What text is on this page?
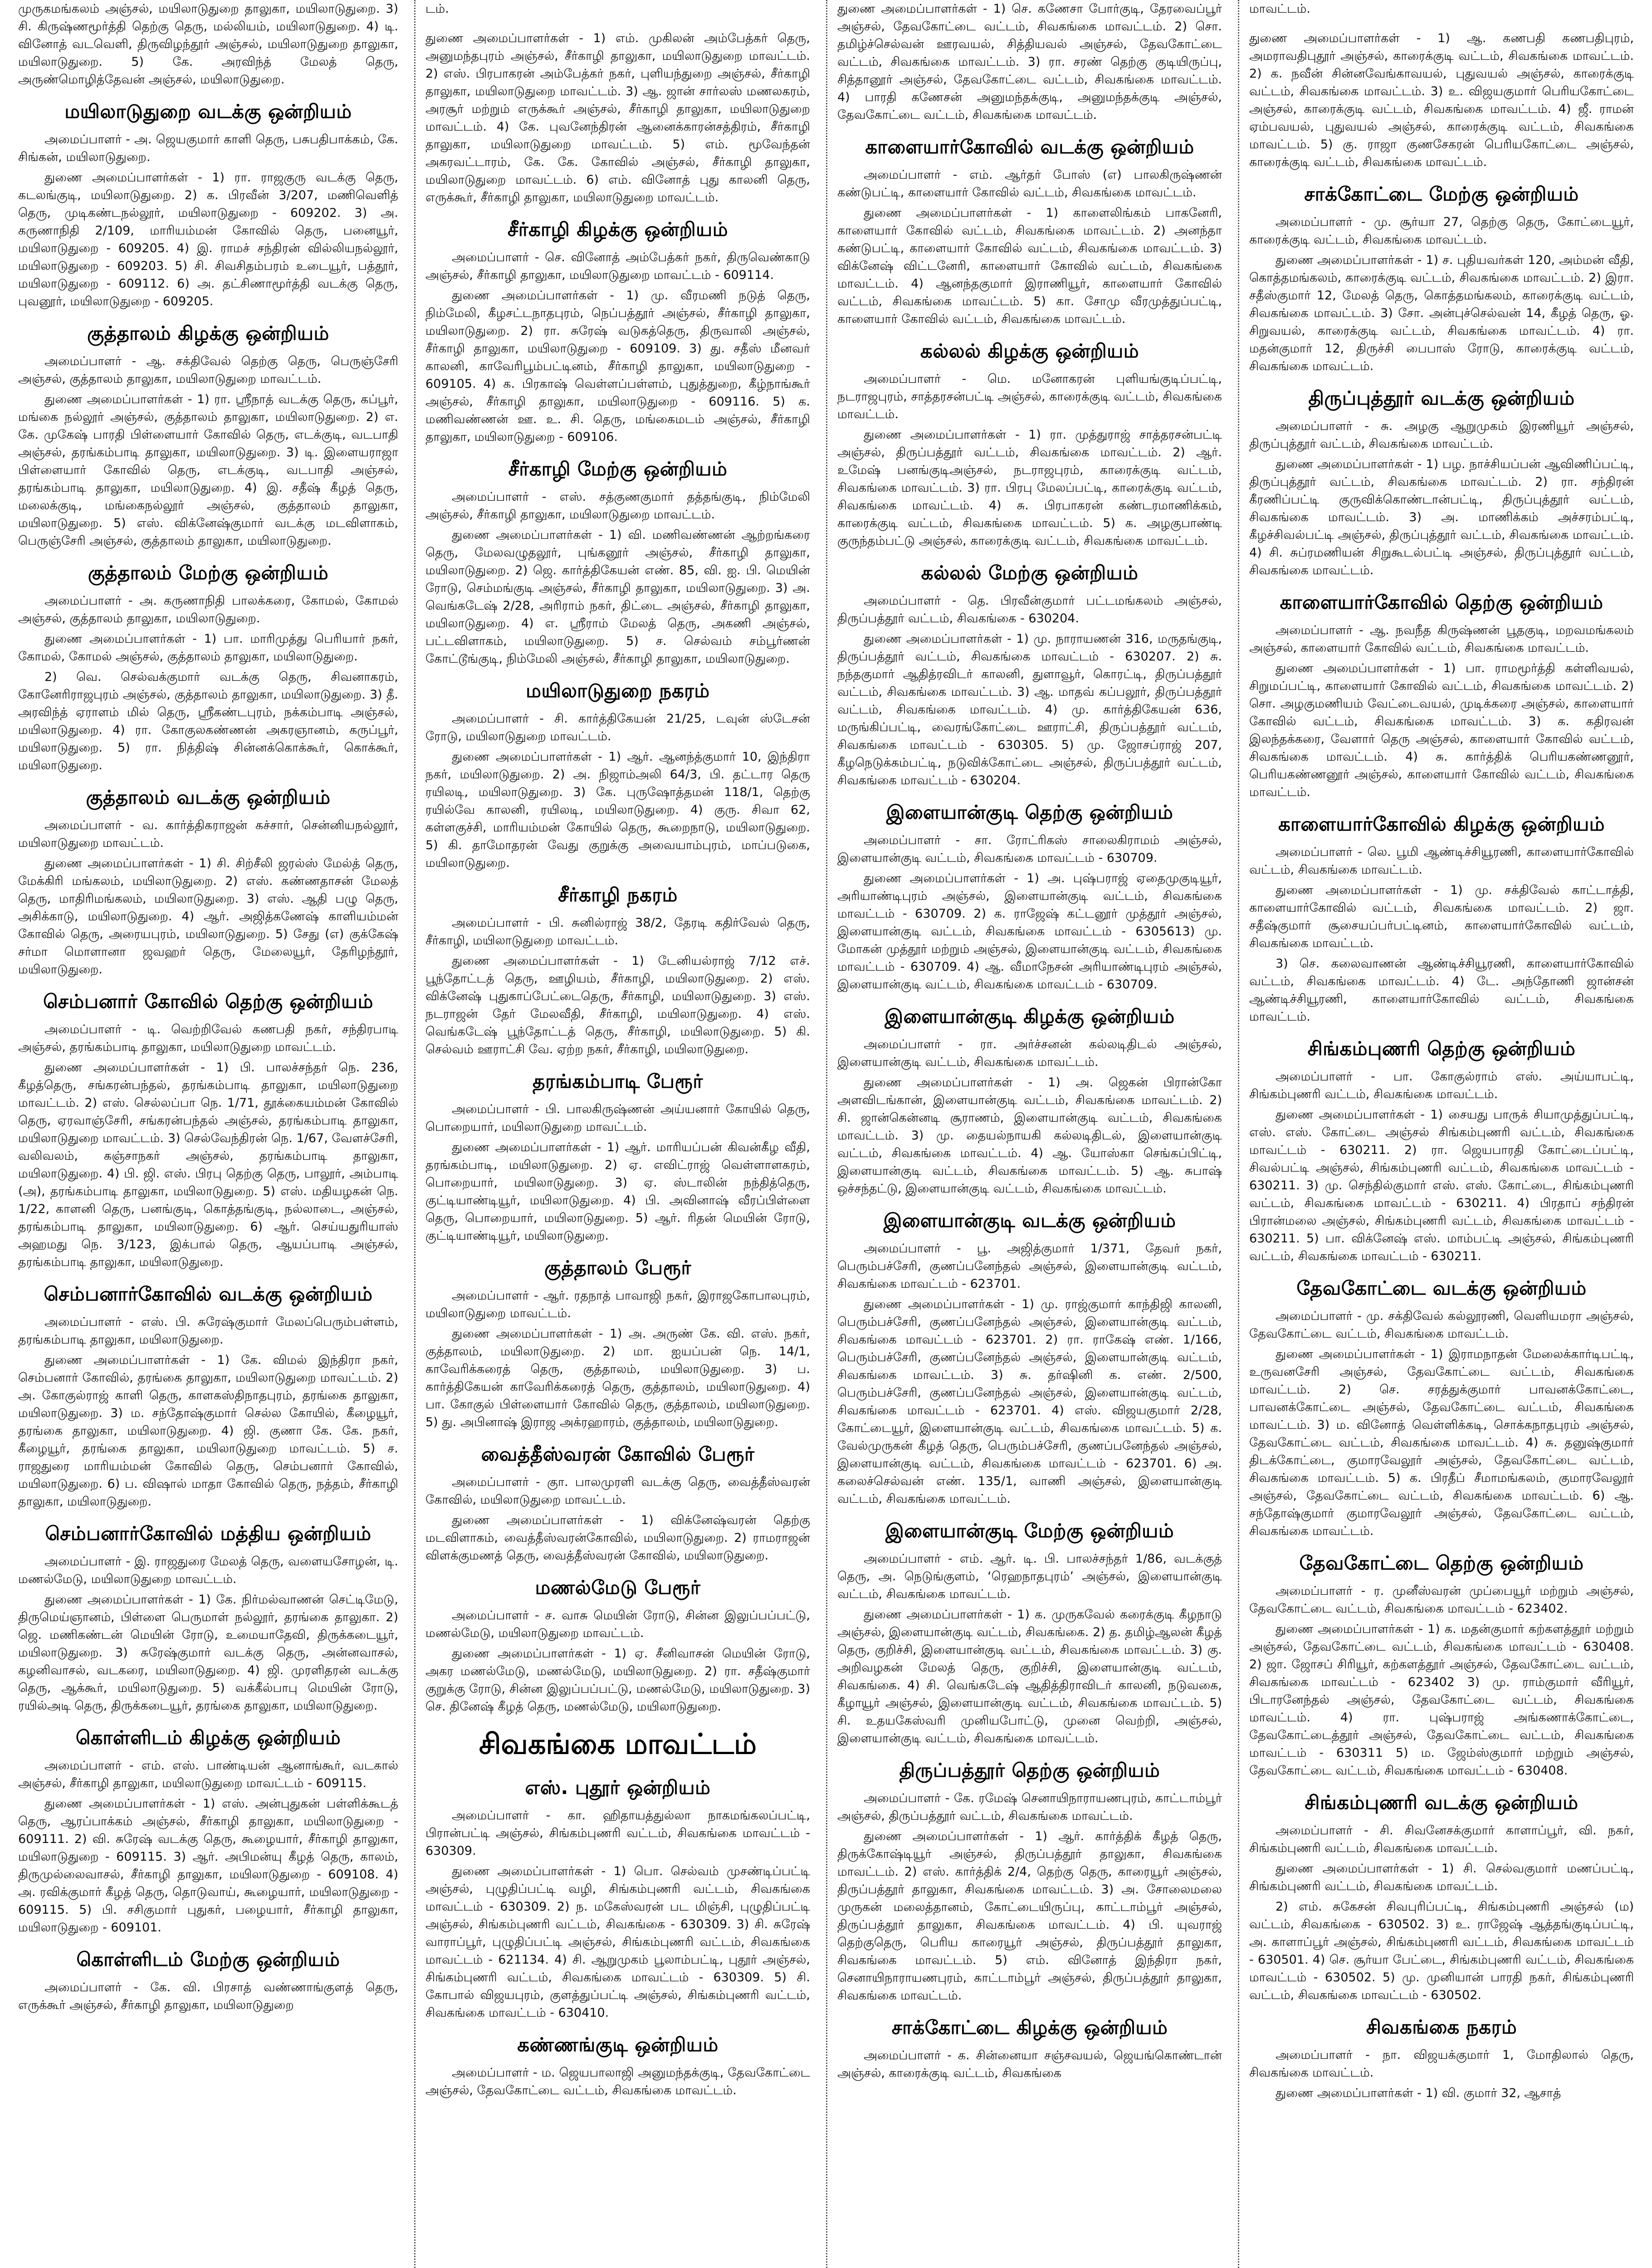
முருகமங்கலம் அஞ்சல், மயிலாடுதுறை தாலுகா, மயிலாடுதுறை. 3) சி. கிருஷ்ணமூர்த்தி தெற்கு தெரு, மல்லியம், மயிலாடுதுறை. 4) டி. வினோத் வடவெளி, திருவிழந்தூர் அஞ்சல், மயிலாடுதுறை தாலுகா, மயிலாடுதுறை. 5) கே. அரவிந்த் மேலத் தெரு, அருண்மொழித்தேவன் அஞ்சல், மயிலாடுதுறை.

மயிலாடுதுறை வடக்கு ஒன்றியம்

அமைப்பாளர் - அ. ஜெயகுமார் காளி தெரு, பசுபதிபாக்கம், கே. சிங்கன், மயிலாடுதுறை.

துணை அமைப்பாளர்கள் - 1) ரா. ராஜகுரு வடக்கு தெரு, கடலங்குடி, மயிலாடுதுறை. 2) க. பிரவீன் 3/207, மணிவெளித் தெரு, முடிகண்டநல்லூர், மயிலாடுதுறை - 609202. 3) அ. கருணாநிதி 2/109, மாரியம்மன் கோவில் தெரு, பனையூர், மயிலாடுதுறை - 609205. 4) இ. ராமச் சந்திரன் வில்லியநல்லூர், மயிலாடுதுறை - 609203. 5) சி. சிவசிதம்பரம் உடையூர், பத்தூர், மயிலாடுதுறை - 609112. 6) அ. தட்சிணாமூர்த்தி வடக்கு தெரு, புவனூர், மயிலாடுதுறை - 609205.

குத்தாலம் கிழக்கு ஒன்றியம்

அமைப்பாளர் - ஆ. சக்திவேல் தெற்கு தெரு, பெருஞ்சேரி அஞ்சல், குத்தாலம் தாலுகா, மயிலாடுதுறை மாவட்டம்.

துணை அமைப்பாளர்கள் - 1) ரா. ஸ்ரீநாத் வடக்கு தெரு, கப்பூர், மங்கை நல்லூர் அஞ்சல், குத்தாலம் தாலுகா, மயிலாடுதுறை. 2) எ. கே. முகேஷ் பாரதி பிள்ளையார் கோவில் தெரு, எடக்குடி, வடபாதி அஞ்சல், தரங்கம்பாடி தாலுகா, மயிலாடுதுறை. 3) டி. இளையராஜா பிள்ளையார் கோவில் தெரு, எடக்குடி, வடபாதி அஞ்சல், தரங்கம்பாடி தாலுகா, மயிலாடுதுறை. 4) இ. சதீஷ் கீழத் தெரு, மலைக்குடி, மங்கைநல்லூர் அஞ்சல், குத்தாலம் தாலுகா, மயிலாடுதுறை. 5) எஸ். விக்னேஷ்குமார் வடக்கு மடவிளாகம், பெருஞ்சேரி அஞ்சல், குத்தாலம் தாலுகா, மயிலாடுதுறை.

குத்தாலம் மேற்கு ஒன்றியம்

அமைப்பாளர் - அ. கருணாநிதி பாலக்கரை, கோமல், கோமல் அஞ்சல், குத்தாலம் தாலுகா, மயிலாடுதுறை.

துணை அமைப்பாளர்கள் - 1) பா. மாரிமுத்து பெரியார் நகர், கோமல், கோமல் அஞ்சல், குத்தாலம் தாலுகா, மயிலாடுதுறை.

2) வெ. செல்வக்குமார் வடக்கு தெரு, சிவனாகரம், கோனேரிராஜபுரம் அஞ்சல், குத்தாலம் தாலுகா, மயிலாடுதுறை. 3) தீ. அரவிந்த் ஏராளம் மில் தெரு, ஸ்ரீகண்டபுரம், நக்கம்பாடி அஞ்சல், மயிலாடுதுறை. 4) ரா. கோகுலகண்ணன் அகரஞானம், கருப்பூர், மயிலாடுதுறை. 5) ரா. நித்திஷ் சின்னக்கொக்கூர், கொக்கூர், மயிலாடுதுறை.

குத்தாலம் வடக்கு ஒன்றியம்

அமைப்பாளர் - வ. கார்த்திகராஜன் கச்சார், சென்னியநல்லூர், மயிலாடுதுறை மாவட்டம்.

துணை அமைப்பாளர்கள் - 1) சி. சிற்சீலி ஜரல்ஸ் மேல்த் தெரு, மேக்கிரி மங்கலம், மயிலாடுதுறை. 2) எஸ். கண்ணதாசன் மேலத் தெரு, மாதிரிமங்கலம், மயிலாடுதுறை. 3) எஸ். ஆதி பழு தெரு, அசிக்காடு, மயிலாடுதுறை. 4) ஆர். அஜித்கணேஷ் காளியம்மன் கோவில் தெரு, அரையபுரம், மயிலாடுதுறை. 5) சேது (எ) குக்கேஷ் சர்மா மொளானா ஜவஹர் தெரு, மேலையூர், தேரிழந்தூர், மயிலாடுதுறை.

செம்பனார் கோவில் தெற்கு ஒன்றியம்

அமைப்பாளர் - டி. வெற்றிவேல் கணபதி நகர், சந்திரபாடி அஞ்சல், தரங்கம்பாடி தாலுகா, மயிலாடுதுறை மாவட்டம்.

துணை அமைப்பாளர்கள் - 1) பி. பாலச்சந்தர் நெ. 236, கீழத்தெரு, சங்கரன்பந்தல், தரங்கம்பாடி தாலுகா, மயிலாடுதுறை மாவட்டம். 2) எஸ். செல்லப்பா நெ. 1/71, தூக்கையம்மன் கோவில் தெரு, ஏரவாஞ்சேரி, சங்கரன்பந்தல் அஞ்சல், தரங்கம்பாடி தாலுகா, மயிலாடுதுறை மாவட்டம். 3) செல்வேந்திரன் நெ. 1/67, வேளச்சேரி, வலிவலம், கஞ்சாநகர் அஞ்சல், தரங்கம்பாடி தாலுகா, மயிலாடுதுறை. 4) பி. ஜி. எஸ். பிரபு தெற்கு தெரு, பாலூர், அம்பாடி (அ), தரங்கம்பாடி தாலுகா, மயிலாடுதுறை. 5) எஸ். மதியழகன் நெ. 1/22, காளனி தெரு, பனங்குடி, கொத்தங்குடி, நல்லாடை, அஞ்சல், தரங்கம்பாடி தாலுகா, மயிலாடுதுறை. 6) ஆர். செய்யதுரியாஸ் அஹமது நெ. 3/123, இக்பால் தெரு, ஆயப்பாடி அஞ்சல், தரங்கம்பாடி தாலுகா, மயிலாடுதுறை.

செம்பனார்கோவில் வடக்கு ஒன்றியம்

அமைப்பாளர் - எஸ். பி. சுரேஷ்குமார் மேலப்பெரும்பள்ளம், தரங்கம்பாடி தாலுகா, மயிலாடுதுறை.

துணை அமைப்பாளர்கள் - 1) கே. விமல் இந்திரா நகர், செம்பனார் கோவில், தரங்கை தாலுகா, மயிலாடுதுறை மாவட்டம். 2) அ. கோகுல்ராஜ் காளி தெரு, காளகஸ்திநாதபுரம், தரங்கை தாலுகா, மயிலாடுதுறை. 3) ம. சந்தோஷ்குமார் செல்ல கோயில், கீழையூர், தரங்கை தாலுகா, மயிலாடுதுறை. 4) ஜி. குணா கே. கே. நகர், கீழையூர், தரங்கை தாலுகா, மயிலாடுதுறை மாவட்டம். 5) ச. ராஜதுரை மாரியம்மன் கோவில் தெரு, செம்பனார் கோவில், மயிலாடுதுறை. 6) ப. விஷால் மாதா கோவில் தெரு, நத்தம், சீர்காழி தாலுகா, மயிலாடுதுறை.

செம்பனார்கோவில் மத்திய ஒன்றியம்

அமைப்பாளர் - இ. ராஜதுரை மேலத் தெரு, வளையசோழன், டி. மணல்மேடு, மயிலாடுதுறை மாவட்டம்.

துணை அமைப்பாளர்கள் - 1) கே. நிர்மல்வாணன் செட்டிமேடு, திருமெய்ஞானம், பிள்ளை பெருமாள் நல்லூர், தரங்கை தாலுகா. 2) ஜெ. மணிகண்டன் மெயின் ரோடு, உமையாதேவி, திருக்கடையூர், மயிலாடுதுறை. 3) சுரேஷ்குமார் வடக்கு தெரு, அன்னவாசல், கழனிவாசல், வடகரை, மயிலாடுதுறை. 4) ஜி. முரளிதரன் வடக்கு தெரு, ஆக்கூர், மயிலாடுதுறை. 5) வக்கீல்பாபு மெயின் ரோடு, ரயில்அடி தெரு, திருக்கடையூர், தரங்கை தாலுகா, மயிலாடுதுறை.

கொள்ளிடம் கிழக்கு ஒன்றியம்

அமைப்பாளர் - எம். எஸ். பாண்டியன் ஆனாங்கூர், வடகால் அஞ்சல், சீர்காழி தாலுகா, மயிலாடுதுறை மாவட்டம் - 609115.

துணை அமைப்பாளர்கள் - 1) எஸ். அன்புதுகன் பள்ளிக்கூடத் தெரு, ஆரப்பாக்கம் அஞ்சல், சீர்காழி தாலுகா, மயிலாடுதுறை - 609111. 2) வி. சுரேஷ் வடக்கு தெரு, கூழையார், சீர்காழி தாலுகா, மயிலாடுதுறை - 609115. 3) ஆர். அபிமன்யு கீழத் தெரு, காலம், திருமுல்லைவாசல், சீர்காழி தாலுகா, மயிலாடுதுறை - 609108. 4) அ. ரவிக்குமார் கீழத் தெரு, தொடுவாய், கூழையார், மயிலாடுதுறை - 609115. 5) பி. சசிகுமார் புதுகர், பழையார், சீர்காழி தாலுகா, மயிலாடுதுறை - 609101.

கொள்ளிடம் மேற்கு ஒன்றியம்

அமைப்பாளர் - கே. வி. பிரசாத் வண்ணாங்குளத் தெரு, எருக்கூர் அஞ்சல், சீர்காழி தாலுகா, மயிலாடுதுறை

டம்.

துணை அமைப்பாளர்கள் - 1) எம். முகிலன் அம்பேத்கர் தெரு, அனுமந்தபுரம் அஞ்சல், சீர்காழி தாலுகா, மயிலாடுதுறை மாவட்டம். 2) எஸ். பிரபாகரன் அம்பேத்கர் நகர், புளியந்துறை அஞ்சல், சீர்காழி தாலுகா, மயிலாடுதுறை மாவட்டம். 3) ஆ. ஜான் சார்லஸ் மணலகரம், அரசூர் மற்றும் எருக்கூர் அஞ்சல், சீர்காழி தாலுகா, மயிலாடுதுறை மாவட்டம். 4) கே. புவனேந்திரன் ஆனைக்காரன்சத்திரம், சீர்காழி தாலுகா, மயிலாடுதுறை மாவட்டம். 5) எம். மூவேந்தன் அகரவட்டாரம், கே. கே. கோவில் அஞ்சல், சீர்காழி தாலுகா, மயிலாடுதுறை மாவட்டம். 6) எம். வினோத் புது காலனி தெரு, எருக்கூர், சீர்காழி தாலுகா, மயிலாடுதுறை மாவட்டம்.

சீர்காழி கிழக்கு ஒன்றியம்

அமைப்பாளர் - செ. வினோத் அம்பேத்கர் நகர், திருவெண்காடு அஞ்சல், சீர்காழி தாலுகா, மயிலாடுதுறை மாவட்டம் - 609114.

துணை அமைப்பாளர்கள் - 1) மு. வீரமணி நடுத் தெரு, நிம்மேலி, கீழசட்டநாதபுரம், நெப்பத்தூர் அஞ்சல், சீர்காழி தாலுகா, மயிலாடுதுறை. 2) ரா. சுரேஷ் வடுகத்தெரு, திருவாலி அஞ்சல், சீர்காழி தாலுகா, மயிலாடுதுறை - 609109. 3) து. சதீஸ் மீனவர் காலனி, காவேரிபூம்பட்டினம், சீர்காழி தாலுகா, மயிலாடுதுறை - 609105. 4) க. பிரகாஷ் வெள்ளப்பள்ளம், புதுத்துறை, கீழ்நாங்கூர் அஞ்சல், சீர்காழி தாலுகா, மயிலாடுதுறை - 609116. 5) க. மணிவண்ணன் ஊ. உ. சி. தெரு, மங்கைமடம் அஞ்சல், சீர்காழி தாலுகா, மயிலாடுதுறை - 609106.

சீர்காழி மேற்கு ஒன்றியம்

அமைப்பாளர் - எஸ். சத்குணகுமார் தத்தங்குடி, நிம்மேலி அஞ்சல், சீர்காழி தாலுகா, மயிலாடுதுறை மாவட்டம்.

துணை அமைப்பாளர்கள் - 1) வி. மணிவண்ணன் ஆற்றங்கரை தெரு, மேலவழுதலூர், புங்கனூர் அஞ்சல், சீர்காழி தாலுகா, மயிலாடுதுறை. 2) ஜெ. கார்த்திகேயன் எண். 85, வி. ஐ. பி. மெயின் ரோடு, செம்மங்குடி அஞ்சல், சீர்காழி தாலுகா, மயிலாடுதுறை. 3) அ. வெங்கடேஷ் 2/28, அரிராம் நகர், திட்டை அஞ்சல், சீர்காழி தாலுகா, மயிலாடுதுறை. 4) எ. ஸ்ரீராம் மேலத் தெரு, அகணி அஞ்சல், பட்டவிளாகம், மயிலாடுதுறை. 5) ச. செல்வம் சம்பூர்ணன் கோட்டூங்குடி, நிம்மேலி அஞ்சல், சீர்காழி தாலுகா, மயிலாடுதுறை.

மயிலாடுதுறை நகரம்

அமைப்பாளர் - சி. கார்த்திகேயன் 21/25, டவுன் ஸ்டேசன் ரோடு, மயிலாடுதுறை மாவட்டம்.

துணை அமைப்பாளர்கள் - 1) ஆர். ஆனந்த்குமார் 10, இந்திரா நகர், மயிலாடுதுறை. 2) அ. நிஜாம்அலி 64/3, பி. தட்டார தெரு ரயிலடி, மயிலாடுதுறை. 3) கே. புருஷோத்தமன் 118/1, தெற்கு ரயில்வே காலனி, ரயிலடி, மயிலாடுதுறை. 4) குரு. சிவா 62, கள்ளகுச்சி, மாரியம்மன் கோயில் தெரு, கூறைநாடு, மயிலாடுதுறை. 5) கி. தாமோதரன் வேது குறுக்கு அவையாம்புரம், மாப்படுகை, மயிலாடுதுறை.

சீர்காழி நகரம்

அமைப்பாளர் - பி. சுனில்ராஜ் 38/2, தேரடி கதிர்வேல் தெரு, சீர்காழி, மயிலாடுதுறை மாவட்டம்.

துணை அமைப்பாளர்கள் - 1) டேனியல்ராஜ் 7/12 எச். பூந்தோட்டத் தெரு, ஊழியம், சீர்காழி, மயிலாடுதுறை. 2) எஸ். விக்னேஷ் புதுகாப்பேட்டைதெரு, சீர்காழி, மயிலாடுதுறை. 3) எஸ். நடராஜன் தேர் மேலவீதி, சீர்காழி, மயிலாடுதுறை. 4) எஸ். வெங்கடேஷ் பூந்தோட்டத் தெரு, சீர்காழி, மயிலாடுதுறை. 5) கி. செல்வம் ஊராட்சி வே. ஏற்ற நகர், சீர்காழி, மயிலாடுதுறை.

தரங்கம்பாடி பேரூர்

அமைப்பாளர் - பி. பாலகிருஷ்ணன் அய்யனார் கோயில் தெரு, பொறையார், மயிலாடுதுறை மாவட்டம்.

துணை அமைப்பாளர்கள் - 1) ஆர். மாரியப்பன் கிவன்கீழ வீதி, தரங்கம்பாடி, மயிலாடுதுறை. 2) ஏ. எவிட்ராஜ் வெள்ளாளகரம், பொறையார், மயிலாடுதுறை. 3) ஏ. ஸ்டாலின் நந்தித்தெரு, குட்டியாண்டியூர், மயிலாடுதுறை. 4) பி. அவினாஷ் வீரப்பிள்ளை தெரு, பொறையார், மயிலாடுதுறை. 5) ஆர். ரிதன் மெயின் ரோடு, குட்டியாண்டியூர், மயிலாடுதுறை.

குத்தாலம் பேரூர்

அமைப்பாளர் - ஆர். ரதநாத் பாவாஜி நகர், இராஜகோபாலபுரம், மயிலாடுதுறை மாவட்டம்.

துணை அமைப்பாளர்கள் - 1) அ. அருண் கே. வி. எஸ். நகர், குத்தாலம், மயிலாடுதுறை. 2) மா. ஐயப்பன் நெ. 14/1, காவேரிக்கரைத் தெரு, குத்தாலம், மயிலாடுதுறை. 3) ப. கார்த்திகேயன் காவேரிக்கரைத் தெரு, குத்தாலம், மயிலாடுதுறை. 4) பா. கோகுல் பிள்ளையார் கோவில் தெரு, குத்தாலம், மயிலாடுதுறை. 5) து. அபினாஷ் இராஜ அக்ரஹாரம், குத்தாலம், மயிலாடுதுறை.

வைத்தீஸ்வரன் கோவில் பேரூர்

அமைப்பாளர் - குா. பாலமுரளி வடக்கு தெரு, வைத்தீஸ்வரன் கோவில், மயிலாடுதுறை மாவட்டம்.

துணை அமைப்பாளர்கள் - 1) விக்னேஷ்வரன் தெற்கு மடவிளாகம், வைத்தீஸ்வரன்கோவில், மயிலாடுதுறை. 2) ராமராஜன் விளக்குமணத் தெரு, வைத்தீஸ்வரன் கோவில், மயிலாடுதுறை.

மணல்மேடு பேரூர்

அமைப்பாளர் - ச. வாசு மெயின் ரோடு, சின்ன இலுப்பப்பட்டு, மணல்மேடு, மயிலாடுதுறை மாவட்டம்.

துணை அமைப்பாளர்கள் - 1) ஏ. சீனிவாசன் மெயின் ரோடு, அகர மணல்மேடு, மணல்மேடு, மயிலாடுதுறை. 2) ரா. சதீஷ்குமார் குறுக்கு ரோடு, சின்ன இலுப்பப்பட்டு, மணல்மேடு, மயிலாடுதுறை. 3) செ. தினேஷ் கீழத் தெரு, மணல்மேடு, மயிலாடுதுறை.

சிவகங்கை மாவட்டம்
எஸ். புதூர் ஒன்றியம்

அமைப்பாளர் - கா. ஹிதாயத்துல்லா நாகமங்கலப்பட்டி, பிரான்பட்டி அஞ்சல், சிங்கம்புணரி வட்டம், சிவகங்கை மாவட்டம் - 630309.

துணை அமைப்பாளர்கள் - 1) பொ. செல்வம் முசண்டிப்பட்டி அஞ்சல், புழுதிப்பட்டி வழி, சிங்கம்புணரி வட்டம், சிவகங்கை மாவட்டம் - 630309. 2) ந. மகேஸ்வரன் பட மிஞ்சி, புழுதிப்பட்டி அஞ்சல், சிங்கம்புணரி வட்டம், சிவகங்கை - 630309. 3) சி. சுரேஷ் வாராப்பூர், புழுதிப்பட்டி அஞ்சல், சிங்கம்புணரி வட்டம், சிவகங்கை மாவட்டம் - 621134. 4) சி. ஆறுமுகம் பூலாம்பட்டி, புதூர் அஞ்சல், சிங்கம்புணரி வட்டம், சிவகங்கை மாவட்டம் - 630309. 5) சி. கோபால் விஜயபுரம், குளத்துப்பட்டி அஞ்சல், சிங்கம்புணரி வட்டம், சிவகங்கை மாவட்டம் - 630410.

கண்ணங்குடி ஒன்றியம்

அமைப்பாளர் - ம. ஜெயபாலாஜி அனுமந்தக்குடி, தேவகோட்டை அஞ்சல், தேவகோட்டை வட்டம், சிவகங்கை மாவட்டம்.

துணை அமைப்பாளர்கள் - 1) செ. கணேசா போர்குடி, தேரவைப்பூர் அஞ்சல், தேவகோட்டை வட்டம், சிவகங்கை மாவட்டம். 2) சொ. தமிழ்ச்செல்வன் ஊரவயல், சித்தியவல் அஞ்சல், தேவகோட்டை வட்டம், சிவகங்கை மாவட்டம். 3) ரா. சரண் தெற்கு குடியிருப்பு, சித்தானூர் அஞ்சல், தேவகோட்டை வட்டம், சிவகங்கை மாவட்டம். 4) பாரதி கணேசன் அனுமந்தக்குடி, அனுமந்தக்குடி அஞ்சல், தேவகோட்டை வட்டம், சிவகங்கை மாவட்டம்.

காளையார்கோவில் வடக்கு ஒன்றியம்

அமைப்பாளர் - எம். ஆர்தர் போஸ் (எ) பாலகிருஷ்ணன் கண்டுபட்டி, காளையார் கோவில் வட்டம், சிவகங்கை மாவட்டம்.

துணை அமைப்பாளர்கள் - 1) காளைலிங்கம் பாகனேரி, காளையார் கோவில் வட்டம், சிவகங்கை மாவட்டம். 2) அனந்தா கண்டுபட்டி, காளையார் கோவில் வட்டம், சிவகங்கை மாவட்டம். 3) விக்னேஷ் விட்டனேரி, காளையார் கோவில் வட்டம், சிவகங்கை மாவட்டம். 4) ஆனந்தகுமார் இராணியூர், காளையார் கோவில் வட்டம், சிவகங்கை மாவட்டம். 5) கா. சோமு வீரமுத்துப்பட்டி, காளையார் கோவில் வட்டம், சிவகங்கை மாவட்டம்.

கல்லல் கிழக்கு ஒன்றியம்

அமைப்பாளர் - மெ. மனோகரன் புளியங்குடிப்பட்டி, நடராஜபுரம், சாத்தரசன்பட்டி அஞ்சல், காரைக்குடி வட்டம், சிவகங்கை மாவட்டம்.

துணை அமைப்பாளர்கள் - 1) ரா. முத்துராஜ் சாத்தரசன்பட்டி அஞ்சல், திருப்பத்தூர் வட்டம், சிவகங்கை மாவட்டம். 2) ஆர். உமேஷ் பனங்குடிஅஞ்சல், நடராஜபுரம், காரைக்குடி வட்டம், சிவகங்கை மாவட்டம். 3) ரா. பிரபு மேலப்பட்டி, காரைக்குடி வட்டம், சிவகங்கை மாவட்டம். 4) சு. பிரபாகரன் கண்டரமாணிக்கம், காரைக்குடி வட்டம், சிவகங்கை மாவட்டம். 5) க. அழகுபாண்டி குருந்தம்பட்டு அஞ்சல், காரைக்குடி வட்டம், சிவகங்கை மாவட்டம்.

கல்லல் மேற்கு ஒன்றியம்

அமைப்பாளர் - தெ. பிரவீன்குமார் பட்டமங்கலம் அஞ்சல், திருப்பத்தூர் வட்டம், சிவகங்கை - 630204.

துணை அமைப்பாளர்கள் - 1) மு. நாராயணன் 316, மருதங்குடி, திருப்பத்தூர் வட்டம், சிவகங்கை மாவட்டம் - 630207. 2) சு. நந்தகுமார் ஆதித்ரவிடர் காலனி, துளாவூர், கொரட்டி, திருப்பத்தூர் வட்டம், சிவகங்கை மாவட்டம். 3) ஆ. மாதவ் கப்பலூர், திருப்பத்தூர் வட்டம், சிவகங்கை மாவட்டம். 4) மு. கார்த்திகேயன் 636, மருங்கிப்பட்டி, வைரங்கோட்டை ஊராட்சி, திருப்பத்தூர் வட்டம், சிவகங்கை மாவட்டம் - 630305. 5) மு. ஜோசப்ராஜ் 207, கீழநெடுக்கம்பட்டி, நடுவிக்கோட்டை அஞ்சல், திருப்பத்தூர் வட்டம், சிவகங்கை மாவட்டம் - 630204.

இளையான்குடி தெற்கு ஒன்றியம்

அமைப்பாளர் - சா. ரோட்ரிகஸ் சாலைகிராமம் அஞ்சல், இளையான்குடி வட்டம், சிவகங்கை மாவட்டம் - 630709.

துணை அமைப்பாளர்கள் - 1) அ. புஷ்பராஜ் ஏதைமுகுடியூர், அரியாண்டிபுரம் அஞ்சல், இளையான்குடி வட்டம், சிவகங்கை மாவட்டம் - 630709. 2) க. ராஜேஷ் கட்டனூர் முத்தூர் அஞ்சல், இளையான்குடி வட்டம், சிவகங்கை மாவட்டம் - 6305613) மு. மோகன் முத்தூர் மற்றும் அஞ்சல், இளையான்குடி வட்டம், சிவகங்கை மாவட்டம் - 630709. 4) ஆ. வீமாநேசன் அரியாண்டிபுரம் அஞ்சல், இளையான்குடி வட்டம், சிவகங்கை மாவட்டம் - 630709.

இளையான்குடி கிழக்கு ஒன்றியம்

அமைப்பாளர் - ரா. அர்ச்சனன் கல்லடிதிடல் அஞ்சல், இளையான்குடி வட்டம், சிவகங்கை மாவட்டம்.

துணை அமைப்பாளர்கள் - 1) அ. ஜெகன் பிரான்கோ அளவிடங்கான், இளையான்குடி வட்டம், சிவகங்கை மாவட்டம். 2) சி. ஜான்கென்னடி சூராணம், இளையான்குடி வட்டம், சிவகங்கை மாவட்டம். 3) மு. தையல்நாயகி கல்லடிதிடல், இளையான்குடி வட்டம், சிவகங்கை மாவட்டம். 4) ஆ. யோஸ்கா செங்கப்பிட்டி, இளையான்குடி வட்டம், சிவகங்கை மாவட்டம். 5) ஆ. சுபாஷ் ஒச்சந்தட்டு, இளையான்குடி வட்டம், சிவகங்கை மாவட்டம்.

இளையான்குடி வடக்கு ஒன்றியம்

அமைப்பாளர் - பூ. அஜித்குமார் 1/371, தேவர் நகர், பெரும்பச்சேரி, குணப்பனேந்தல் அஞ்சல், இளையான்குடி வட்டம், சிவகங்கை மாவட்டம் - 623701.

துணை அமைப்பாளர்கள் - 1) மு. ராஜ்குமார் காந்திஜி காலனி, பெரும்பச்சேரி, குணப்பனேந்தல் அஞ்சல், இளையான்குடி வட்டம், சிவகங்கை மாவட்டம் - 623701. 2) ரா. ராகேஷ் எண். 1/166, பெரும்பச்சேரி, குணப்பனேந்தல் அஞ்சல், இளையான்குடி வட்டம், சிவகங்கை மாவட்டம். 3) சு. தர்ஷினி க. எண். 2/500, பெரும்பச்சேரி, குணப்பனேந்தல் அஞ்சல், இளையான்குடி வட்டம், சிவகங்கை மாவட்டம் - 623701. 4) எஸ். விஜயகுமார் 2/28, கோட்டையூர், இளையான்குடி வட்டம், சிவகங்கை மாவட்டம். 5) க. வேல்முருகன் கீழத் தெரு, பெரும்பச்சேரி, குணப்பனேந்தல் அஞ்சல், இளையான்குடி வட்டம், சிவகங்கை மாவட்டம் - 623701. 6) அ. கலைச்செல்வன் எண். 135/1, வாணி அஞ்சல், இளையான்குடி வட்டம், சிவகங்கை மாவட்டம்.

இளையான்குடி மேற்கு ஒன்றியம்

அமைப்பாளர் - எம். ஆர். டி. பி. பாலச்சந்தர் 1/86, வடக்குத் தெரு, அ. நெடுங்குளம், ‘ரெஹநாதபுரம்’ அஞ்சல், இளையான்குடி வட்டம், சிவகங்கை மாவட்டம்.

துணை அமைப்பாளர்கள் - 1) க. முருகவேல் கரைக்குடி கீழநாடு அஞ்சல், இளையான்குடி வட்டம், சிவகங்கை. 2) த. தமிழ்ஆலன் கீழத் தெரு, குறிச்சி, இளையான்குடி வட்டம், சிவகங்கை மாவட்டம். 3) கு. அறிவழகன் மேலத் தெரு, குறிச்சி, இளையான்குடி வட்டம், சிவகங்கை. 4) சி. வெங்கடேஷ் ஆதித்திராவிடர் காலனி, நடுவகை, கீழாயூர் அஞ்சல், இளையான்குடி வட்டம், சிவகங்கை மாவட்டம். 5) சி. உதயகேஸ்வரி முனியபோட்டு, முனை வெற்றி, அஞ்சல், இளையான்குடி வட்டம், சிவகங்கை மாவட்டம்.

திருப்பத்தூர் தெற்கு ஒன்றியம்

அமைப்பாளர் - கே. ரமேஷ் செனாயிநாராயணபுரம், காட்டாம்பூர் அஞ்சல், திருப்பத்தூர் வட்டம், சிவகங்கை மாவட்டம்.

துணை அமைப்பாளர்கள் - 1) ஆர். கார்த்திக் கீழத் தெரு, திருக்கோஷ்டியூர் அஞ்சல், திருப்பத்தூர் தாலுகா, சிவகங்கை மாவட்டம். 2) எஸ். கார்த்திக் 2/4, தெற்கு தெரு, காரையூர் அஞ்சல், திருப்பத்தூர் தாலுகா, சிவகங்கை மாவட்டம். 3) அ. சோலைமலை முருகன் மலைத்தானம், கோட்டையிருப்பு, காட்டாம்பூர் அஞ்சல், திருப்பத்தூர் தாலுகா, சிவகங்கை மாவட்டம். 4) பி. யுவராஜ் தெற்குதெரு, பெரிய காரையூர் அஞ்சல், திருப்பத்தூர் தாலுகா, சிவகங்கை மாவட்டம். 5) எம். வினோத் இந்திரா நகர், செனாயிநாராயணபுரம், காட்டாம்பூர் அஞ்சல், திருப்பத்தூர் தாலுகா, சிவகங்கை மாவட்டம்.

சாக்கோட்டை கிழக்கு ஒன்றியம்

அமைப்பாளர் - க. சின்னையா சஞ்சவயல், ஜெயங்கொண்டான் அஞ்சல், காரைக்குடி வட்டம், சிவகங்கை

மாவட்டம்.

துணை அமைப்பாளர்கள் - 1) ஆ. கணபதி கணபதிபுரம், அமராவதிபுதூர் அஞ்சல், காரைக்குடி வட்டம், சிவகங்கை மாவட்டம். 2) க. நவீன் சின்னவேங்காவயல், புதுவயல் அஞ்சல், காரைக்குடி வட்டம், சிவகங்கை மாவட்டம். 3) உ. விஜயகுமார் பெரியகோட்டை அஞ்சல், காரைக்குடி வட்டம், சிவகங்கை மாவட்டம். 4) ஜீ. ராமன் ஏம்பவயல், புதுவயல் அஞ்சல், காரைக்குடி வட்டம், சிவகங்கை மாவட்டம். 5) கு. ராஜா குணசேகரன் பெரியகோட்டை அஞ்சல், காரைக்குடி வட்டம், சிவகங்கை மாவட்டம்.

சாக்கோட்டை மேற்கு ஒன்றியம்

அமைப்பாளர் - மு. சூர்யா 27, தெற்கு தெரு, கோட்டையூர், காரைக்குடி வட்டம், சிவகங்கை மாவட்டம்.

துணை அமைப்பாளர்கள் - 1) ச. புதியவர்கள் 120, அம்மன் வீதி, கொத்தமங்கலம், காரைக்குடி வட்டம், சிவகங்கை மாவட்டம். 2) இரா. சதீஸ்குமார் 12, மேலத் தெரு, கொத்தமங்கலம், காரைக்குடி வட்டம், சிவகங்கை மாவட்டம். 3) சோ. அன்புச்செல்வன் 14, கீழத் தெரு, ஓ. சிறுவயல், காரைக்குடி வட்டம், சிவகங்கை மாவட்டம். 4) ரா. மதன்குமார் 12, திருச்சி பைபாஸ் ரோடு, காரைக்குடி வட்டம், சிவகங்கை மாவட்டம்.

திருப்புத்தூர் வடக்கு ஒன்றியம்

அமைப்பாளர் - சு. அழகு ஆறுமுகம் இரணியூர் அஞ்சல், திருப்புத்தூர் வட்டம், சிவகங்கை மாவட்டம்.

துணை அமைப்பாளர்கள் - 1) பழ. நாச்சியப்பன் ஆவிணிப்பட்டி, திருப்புத்தூர் வட்டம், சிவகங்கை மாவட்டம். 2) ரா. சந்திரன் கீரணிப்பட்டி குருவிக்கொண்டான்பட்டி, திருப்புத்தூர் வட்டம், சிவகங்கை மாவட்டம். 3) அ. மாணிக்கம் அச்சரம்பட்டி, கீழச்சிவல்பட்டி அஞ்சல், திருப்புத்தூர் வட்டம், சிவகங்கை மாவட்டம். 4) சி. சுப்ரமணியன் சிறுகூடல்பட்டி அஞ்சல், திருப்புத்தூர் வட்டம், சிவகங்கை மாவட்டம்.

காளையார்கோவில் தெற்கு ஒன்றியம்

அமைப்பாளர் - ஆ. நவநீத கிருஷ்ணன் பூதகுடி, மறவமங்கலம் அஞ்சல், காளையார் கோவில் வட்டம், சிவகங்கை மாவட்டம்.

துணை அமைப்பாளர்கள் - 1) பா. ராமமூர்த்தி கள்ளிவயல், சிறுமப்பட்டி, காளையார் கோவில் வட்டம், சிவகங்கை மாவட்டம். 2) சொ. அழகுமணியம் வேட்டைவயல், முடிக்கரை அஞ்சல், காளையார் கோவில் வட்டம், சிவகங்கை மாவட்டம். 3) க. கதிரவன் இலந்தக்கரை, வேளார் தெரு அஞ்சல், காளையார் கோவில் வட்டம், சிவகங்கை மாவட்டம். 4) சு. கார்த்திக் பெரியகண்ணனூர், பெரியகண்ணனூர் அஞ்சல், காளையார் கோவில் வட்டம், சிவகங்கை மாவட்டம்.

காளையார்கோவில் கிழக்கு ஒன்றியம்

அமைப்பாளர் - லெ. பூமி ஆண்டிச்சியூரணி, காளையார்கோவில் வட்டம், சிவகங்கை மாவட்டம்.

துணை அமைப்பாளர்கள் - 1) மு. சக்திவேல் காட்டாத்தி, காளையார்கோவில் வட்டம், சிவகங்கை மாவட்டம். 2) ஜா. சதீஷ்குமார் சூசையப்பர்பட்டினம், காளையார்கோவில் வட்டம், சிவகங்கை மாவட்டம்.

3) செ. கலைவாணன் ஆண்டிச்சியூரணி, காளையார்கோவில் வட்டம், சிவகங்கை மாவட்டம். 4) டே. அந்தோணி ஜான்சன் ஆண்டிச்சியூரணி, காளையார்கோவில் வட்டம், சிவகங்கை மாவட்டம்.

சிங்கம்புணரி தெற்கு ஒன்றியம்

அமைப்பாளர் - பா. கோகுல்ராம் எஸ். அய்யாபட்டி, சிங்கம்புணரி வட்டம், சிவகங்கை மாவட்டம்.

துணை அமைப்பாளர்கள் - 1) சையது பாருக் சியாமுத்துப்பட்டி, எஸ். எஸ். கோட்டை அஞ்சல் சிங்கம்புணரி வட்டம், சிவகங்கை மாவட்டம் - 630211. 2) ரா. ஜெயபாரதி கோட்டைப்பட்டி, சிவல்பட்டி அஞ்சல், சிங்கம்புணரி வட்டம், சிவகங்கை மாவட்டம் - 630211. 3) மு. செந்தில்குமார் எஸ். எஸ். கோட்டை, சிங்கம்புணரி வட்டம், சிவகங்கை மாவட்டம் - 630211. 4) பிரதாப் சந்திரன் பிரான்மலை அஞ்சல், சிங்கம்புணரி வட்டம், சிவகங்கை மாவட்டம் - 630211. 5) பா. விக்னேஷ் எஸ். மாம்பட்டி அஞ்சல், சிங்கம்புணரி வட்டம், சிவகங்கை மாவட்டம் - 630211.

தேவகோட்டை வடக்கு ஒன்றியம்

அமைப்பாளர் - மு. சக்திவேல் கல்லூரணி, வெளியமரா அஞ்சல், தேவகோட்டை வட்டம், சிவகங்கை மாவட்டம்.

துணை அமைப்பாளர்கள் - 1) இராமநாதன் மேலைக்கார்டிபட்டி, உருவனசேரி அஞ்சல், தேவகோட்டை வட்டம், சிவகங்கை மாவட்டம். 2) செ. சரத்துக்குமார் பாவனக்கோட்டை, பாவனக்கோட்டை அஞ்சல், தேவகோட்டை வட்டம், சிவகங்கை மாவட்டம். 3) ம. வினோத் வெள்ளிக்கடி, சொக்கநாதபுரம் அஞ்சல், தேவகோட்டை வட்டம், சிவகங்கை மாவட்டம். 4) சு. தனுஷ்குமார் திடக்கோட்டை, குமாரவேலூர் அஞ்சல், தேவகோட்டை வட்டம், சிவகங்கை மாவட்டம். 5) க. பிரதீப் சீமாமங்கலம், குமாரவேலூர் அஞ்சல், தேவகோட்டை வட்டம், சிவகங்கை மாவட்டம். 6) ஆ. சந்தோஷ்குமார் குமாரவேலூர் அஞ்சல், தேவகோட்டை வட்டம், சிவகங்கை மாவட்டம்.

தேவகோட்டை தெற்கு ஒன்றியம்

அமைப்பாளர் - ர. முனீஸ்வரன் முப்பையூர் மற்றும் அஞ்சல், தேவகோட்டை வட்டம், சிவகங்கை மாவட்டம் - 623402.

துணை அமைப்பாளர்கள் - 1) க. மதன்குமார் கற்களத்தூர் மற்றும் அஞ்சல், தேவகோட்டை வட்டம், சிவகங்கை மாவட்டம் - 630408. 2) ஜா. ஜோசப் சிரியூர், கற்களத்தூர் அஞ்சல், தேவகோட்டை வட்டம், சிவகங்கை மாவட்டம் - 623402 3) மு. ராம்குமார் வீரியூர், பிடாரனேந்தல் அஞ்சல், தேவகோட்டை வட்டம், சிவகங்கை மாவட்டம். 4) ரா. புஷ்பராஜ் அங்கணாக்கோட்டை, தேவகோட்டைத்தூர் அஞ்சல், தேவகோட்டை வட்டம், சிவகங்கை மாவட்டம் - 630311 5) ம. ஜேம்ஸ்குமார் மற்றும் அஞ்சல், தேவகோட்டை வட்டம், சிவகங்கை மாவட்டம் - 630408.

சிங்கம்புணரி வடக்கு ஒன்றியம்

அமைப்பாளர் - சி. சிவனேசக்குமார் காளாப்பூர், வி. நகர், சிங்கம்புணரி வட்டம், சிவகங்கை மாவட்டம்.

துணை அமைப்பாளர்கள் - 1) சி. செல்வகுமார் மணப்பட்டி, சிங்கம்புணரி வட்டம், சிவகங்கை மாவட்டம்.

2) எம். சுகேசன் சிவபுரிப்பட்டி, சிங்கம்புணரி அஞ்சல் (ம) வட்டம், சிவகங்கை - 630502. 3) உ. ராஜேஷ் ஆத்தங்குடிப்பட்டி, அ. காளாப்பூர் அஞ்சல், சிங்கம்புணரி வட்டம், சிவகங்கை மாவட்டம் - 630501. 4) செ. சூர்யா பேட்டை, சிங்கம்புணரி வட்டம், சிவகங்கை மாவட்டம் - 630502. 5) மு. முனியான் பாரதி நகர், சிங்கம்புணரி வட்டம், சிவகங்கை மாவட்டம் - 630502.

சிவகங்கை நகரம்

அமைப்பாளர் - நா. விஜயக்குமார் 1, மோதிலால் தெரு, சிவகங்கை மாவட்டம்.

துணை அமைப்பாளர்கள் - 1) வி. குமார் 32, ஆசாத்
